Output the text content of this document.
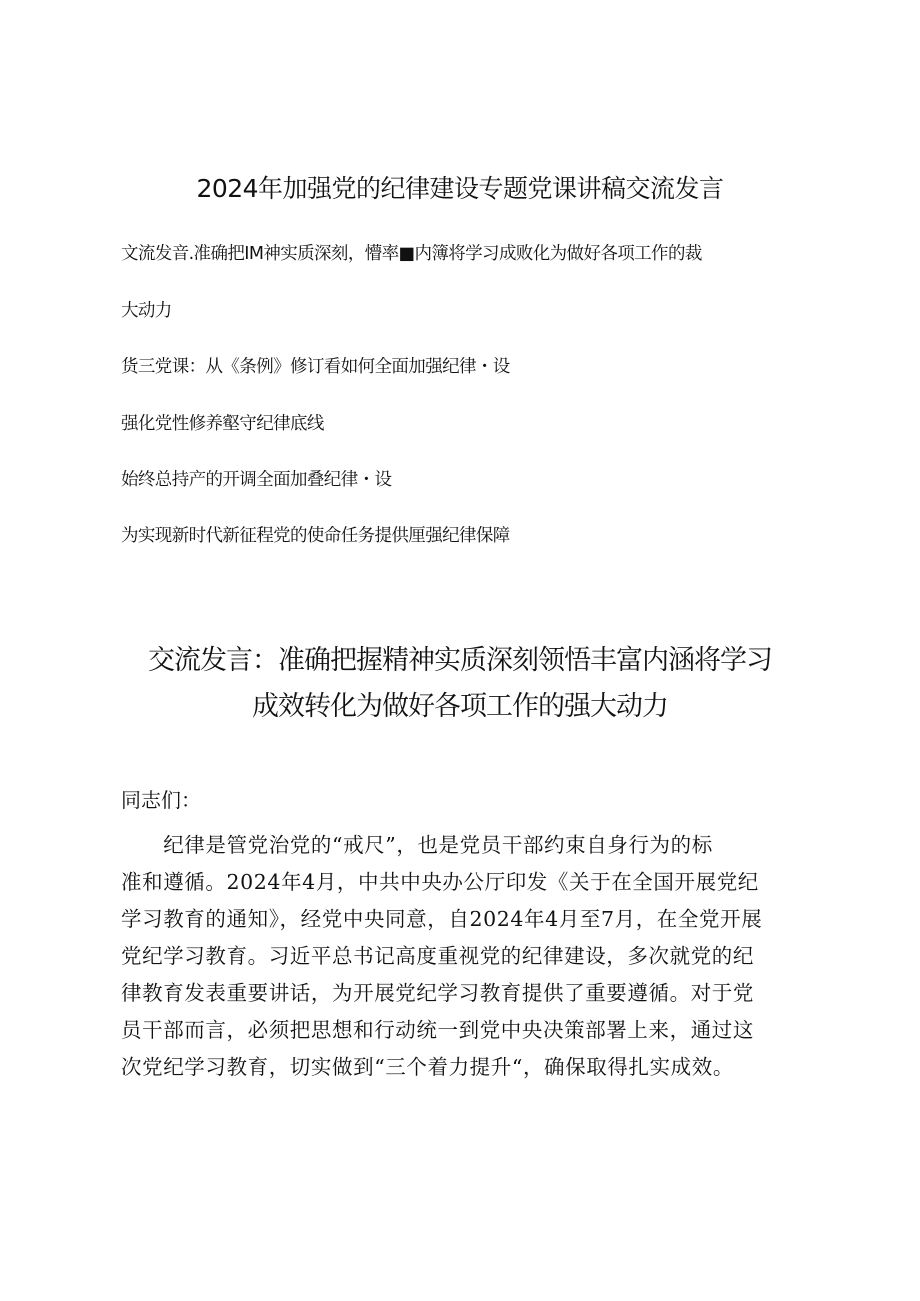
2024年加强党的纪律建设专题党课讲稿交流发言
文流发音.准确把IM神实质深刻，懵率■内簿将学习成败化为做好各项工作的裁
大动力
货三党课：从《条例》修订看如何全面加强纪律・设
强化党性修养壑守纪律底线
始终总持产的开调全面加叠纪律・设
为实现新时代新征程党的使命任务提供厘强纪律保障
交流发言：准确把握精神实质深刻领悟丰富内涵将学习
成效转化为做好各项工作的强大动力
同志们：
　　纪律是管党治党的“戒尺”，也是党员干部约束自身行为的标
准和遵循。2024年4月，中共中央办公厅印发《关于在全国开展党纪
学习教育的通知》，经党中央同意，自2024年4月至7月，在全党开展
党纪学习教育。习近平总书记高度重视党的纪律建设，多次就党的纪
律教育发表重要讲话，为开展党纪学习教育提供了重要遵循。对于党
员干部而言，必须把思想和行动统一到党中央决策部署上来，通过这
次党纪学习教育，切实做到“三个着力提升“，确保取得扎实成效。
